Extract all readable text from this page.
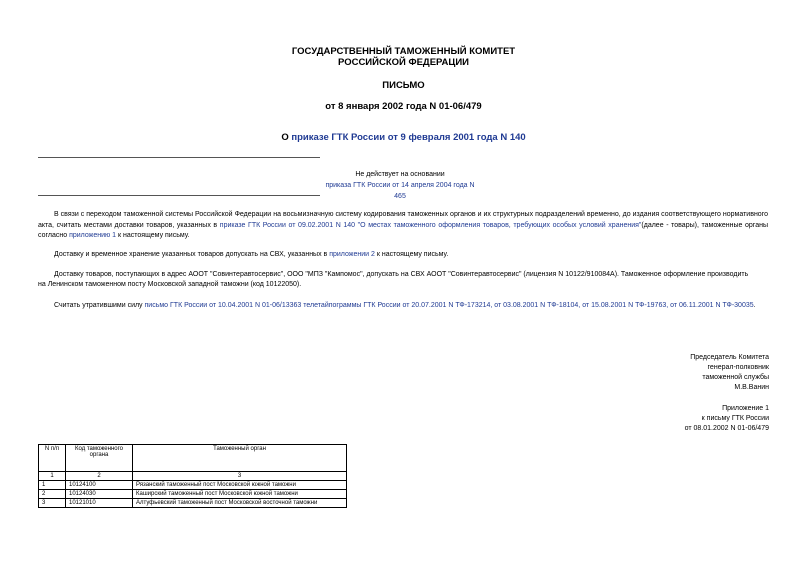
ГОСУДАРСТВЕННЫЙ ТАМОЖЕННЫЙ КОМИТЕТ
РОССИЙСКОЙ ФЕДЕРАЦИИ
ПИСЬМО
от 8 января 2002 года N 01-06/479
О приказе ГТК России от 9 февраля 2001 года N 140
Не действует на основании
приказа ГТК России от 14 апреля 2004 года N 465
В связи с переходом таможенной системы Российской Федерации на восьмизначную систему кодирования таможенных органов и их структурных подразделений временно, до издания соответствующего нормативного акта, считать местами доставки товаров, указанных в приказе ГТК России от 09.02.2001 N 140 "О местах таможенного оформления товаров, требующих особых условий хранения"(далее - товары), таможенные органы согласно приложению 1 к настоящему письму.
Доставку и временное хранение указанных товаров допускать на СВХ, указанных в приложении 2 к настоящему письму.
Доставку товаров, поступающих в адрес АООТ "Совинтеравтосервис", ООО "МПЗ "Кампомос", допускать на СВХ АООТ "Совинтеравтосервис" (лицензия N 10122/910084А). Таможенное оформление производить
на Ленинском таможенном посту Московской западной таможни (код 10122050).
Считать утратившими силу письмо ГТК России от 10.04.2001 N 01-06/13363 телетайпограммы ГТК России от 20.07.2001 N ТФ-173214, от 03.08.2001 N ТФ-18104, от 15.08.2001 N ТФ-19763, от 06.11.2001 N ТФ-30035.
Председатель Комитета
генерал-полковник
таможенной службы
М.В.Ванин
Приложение 1
к письму ГТК России
от 08.01.2002 N 01-06/479
N п/п	Код таможенного органа	Таможенный орган
1	2	3
1	10124100	Рязанский таможенный пост Московской южной таможни
2	10124030	Каширский таможенный пост Московской южной таможни
3	10121010	Алтуфьевский таможенный пост Московской восточной таможни
